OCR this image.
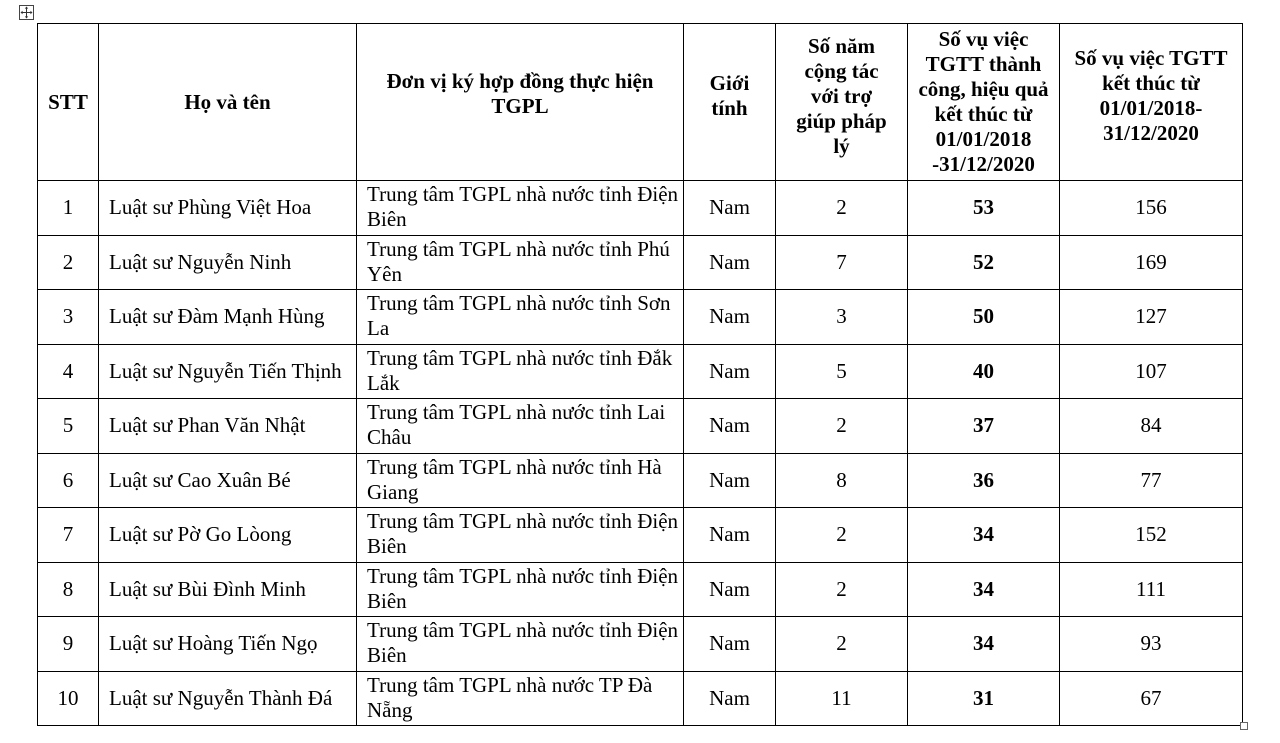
STT	Họ và tên	Đơn vị ký hợp đồng thực hiện TGPL	Giới tính	Số năm cộng tác với trợ giúp pháp lý	Số vụ việc TGTT thành công, hiệu quả kết thúc từ 01/01/2018 -31/12/2020	Số vụ việc TGTT kết thúc từ 01/01/2018-31/12/2020

1	Luật sư Phùng Việt Hoa	Trung tâm TGPL nhà nước tỉnh Điện Biên	Nam	2	53	156
2	Luật sư Nguyễn Ninh	Trung tâm TGPL nhà nước tỉnh Phú Yên	Nam	7	52	169
3	Luật sư Đàm Mạnh Hùng	Trung tâm TGPL nhà nước tỉnh Sơn La	Nam	3	50	127
4	Luật sư Nguyễn Tiến Thịnh	Trung tâm TGPL nhà nước tỉnh Đắk Lắk	Nam	5	40	107
5	Luật sư Phan Văn Nhật	Trung tâm TGPL nhà nước tỉnh Lai Châu	Nam	2	37	84
6	Luật sư Cao Xuân Bé	Trung tâm TGPL nhà nước tỉnh Hà Giang	Nam	8	36	77
7	Luật sư Pờ Go Lòong	Trung tâm TGPL nhà nước tỉnh Điện Biên	Nam	2	34	152
8	Luật sư Bùi Đình Minh	Trung tâm TGPL nhà nước tỉnh Điện Biên	Nam	2	34	111
9	Luật sư Hoàng Tiến Ngọ	Trung tâm TGPL nhà nước tỉnh Điện Biên	Nam	2	34	93
10	Luật sư Nguyễn Thành Đá	Trung tâm TGPL nhà nước TP Đà Nẵng	Nam	11	31	67
